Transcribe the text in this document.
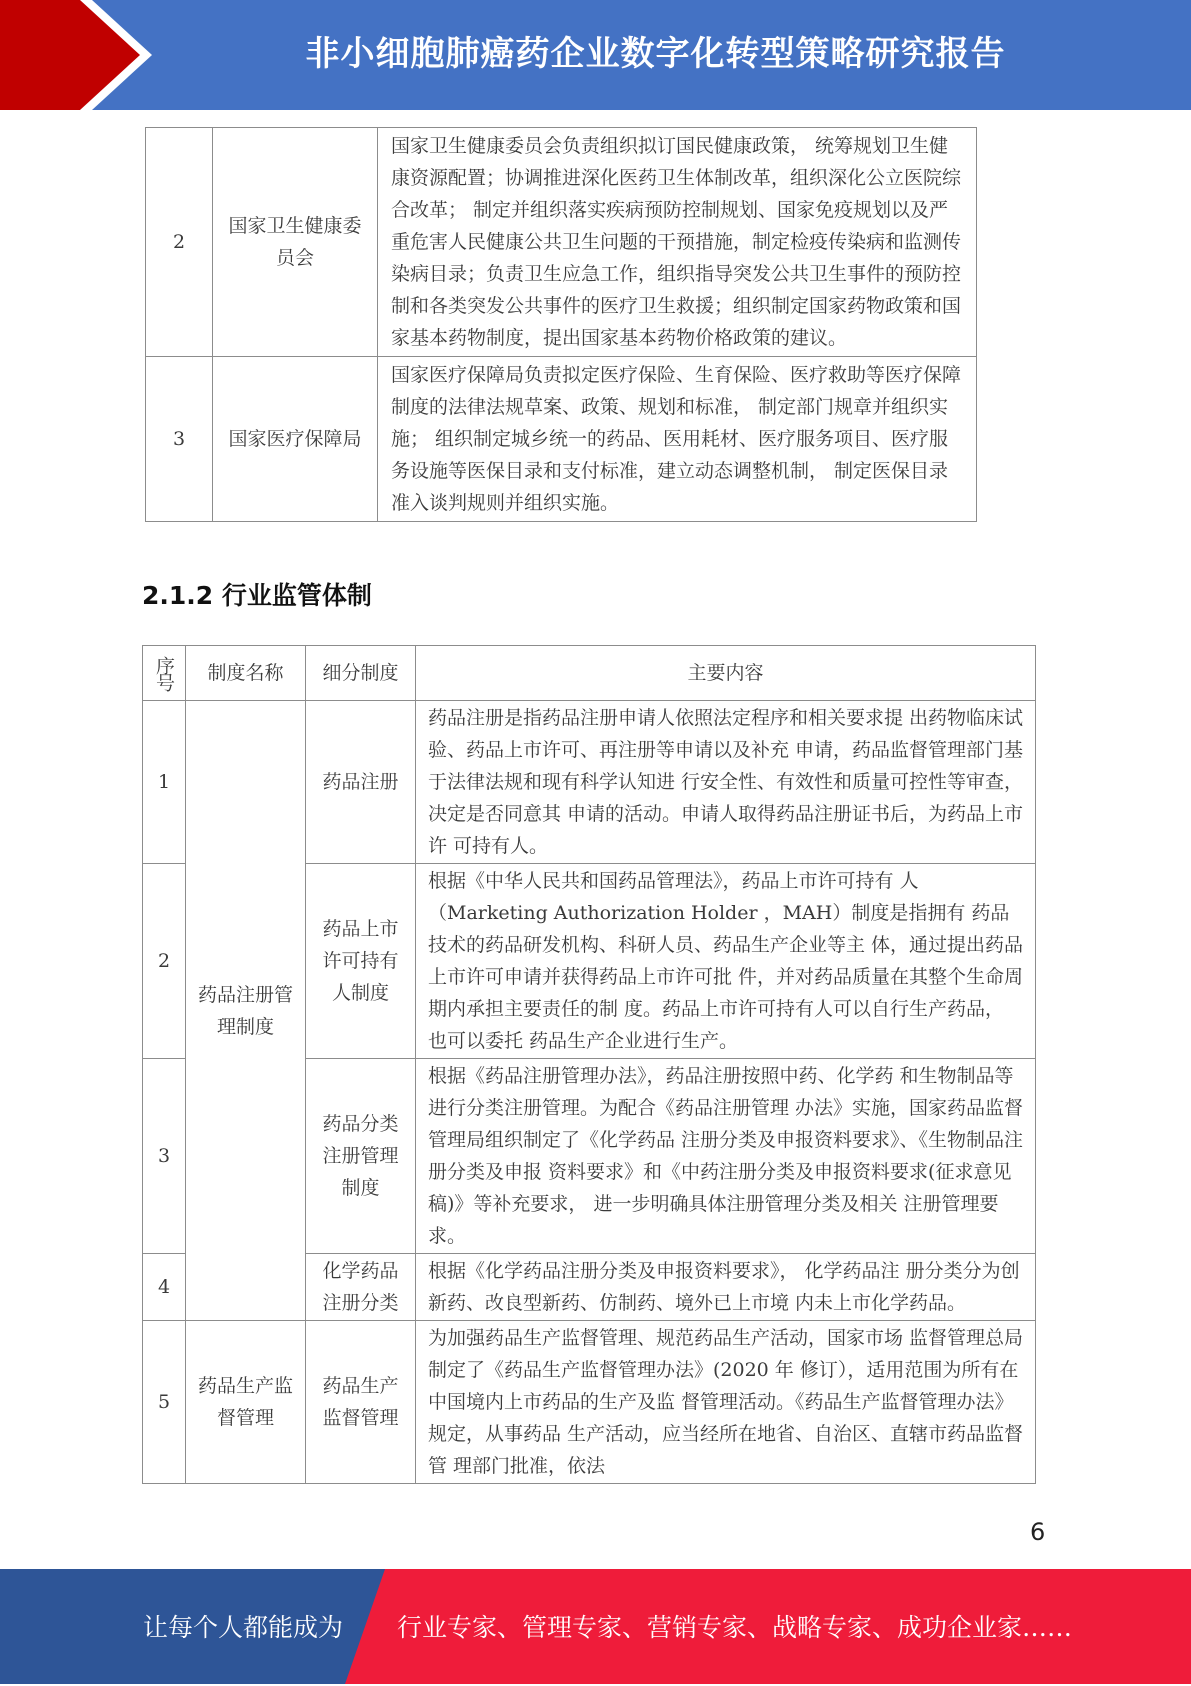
非小细胞肺癌药企业数字化转型策略研究报告
2	国家卫生健康委员会	国家卫生健康委员会负责组织拟订国民健康政策， 统筹规划卫生健康资源配置；协调推进深化医药卫生体制改革，组织深化公立医院综合改革； 制定并组织落实疾病预防控制规划、国家免疫规划以及严重危害人民健康公共卫生问题的干预措施，制定检疫传染病和监测传染病目录；负责卫生应急工作，组织指导突发公共卫生事件的预防控制和各类突发公共事件的医疗卫生救援；组织制定国家药物政策和国家基本药物制度，提出国家基本药物价格政策的建议。
3	国家医疗保障局	国家医疗保障局负责拟定医疗保险、生育保险、医疗救助等医疗保障制度的法律法规草案、政策、规划和标准， 制定部门规章并组织实施； 组织制定城乡统一的药品、医用耗材、医疗服务项目、医疗服务设施等医保目录和支付标准，建立动态调整机制， 制定医保目录准入谈判规则并组织实施。
2.1.2 行业监管体制
序号	制度名称	细分制度	主要内容
1	药品注册管理制度	药品注册	药品注册是指药品注册申请人依照法定程序和相关要求提 出药物临床试验、药品上市许可、再注册等申请以及补充 申请，药品监督管理部门基于法律法规和现有科学认知进 行安全性、有效性和质量可控性等审查， 决定是否同意其 申请的活动。申请人取得药品注册证书后，为药品上市许 可持有人。
2		药品上市许可持有人制度	根据《中华人民共和国药品管理法》，药品上市许可持有 人（Marketing Authorization Holder ，MAH）制度是指拥有 药品技术的药品研发机构、科研人员、药品生产企业等主 体，通过提出药品上市许可申请并获得药品上市许可批 件，并对药品质量在其整个生命周期内承担主要责任的制 度。药品上市许可持有人可以自行生产药品， 也可以委托 药品生产企业进行生产。
3		药品分类注册管理制度	根据《药品注册管理办法》，药品注册按照中药、化学药 和生物制品等进行分类注册管理。为配合《药品注册管理 办法》实施，国家药品监督管理局组织制定了《化学药品 注册分类及申报资料要求》、《生物制品注册分类及申报 资料要求》和《中药注册分类及申报资料要求(征求意见 稿)》等补充要求， 进一步明确具体注册管理分类及相关 注册管理要求。
4		化学药品注册分类	根据《化学药品注册分类及申报资料要求》， 化学药品注 册分类分为创新药、改良型新药、仿制药、境外已上市境 内未上市化学药品。
5	药品生产监督管理	药品生产监督管理	为加强药品生产监督管理、规范药品生产活动，国家市场 监督管理总局制定了《药品生产监督管理办法》(2020 年 修订），适用范围为所有在中国境内上市药品的生产及监 督管理活动。《药品生产监督管理办法》规定，从事药品 生产活动，应当经所在地省、自治区、直辖市药品监督管 理部门批准，依法
6
让每个人都能成为 行业专家、管理专家、营销专家、战略专家、成功企业家……
